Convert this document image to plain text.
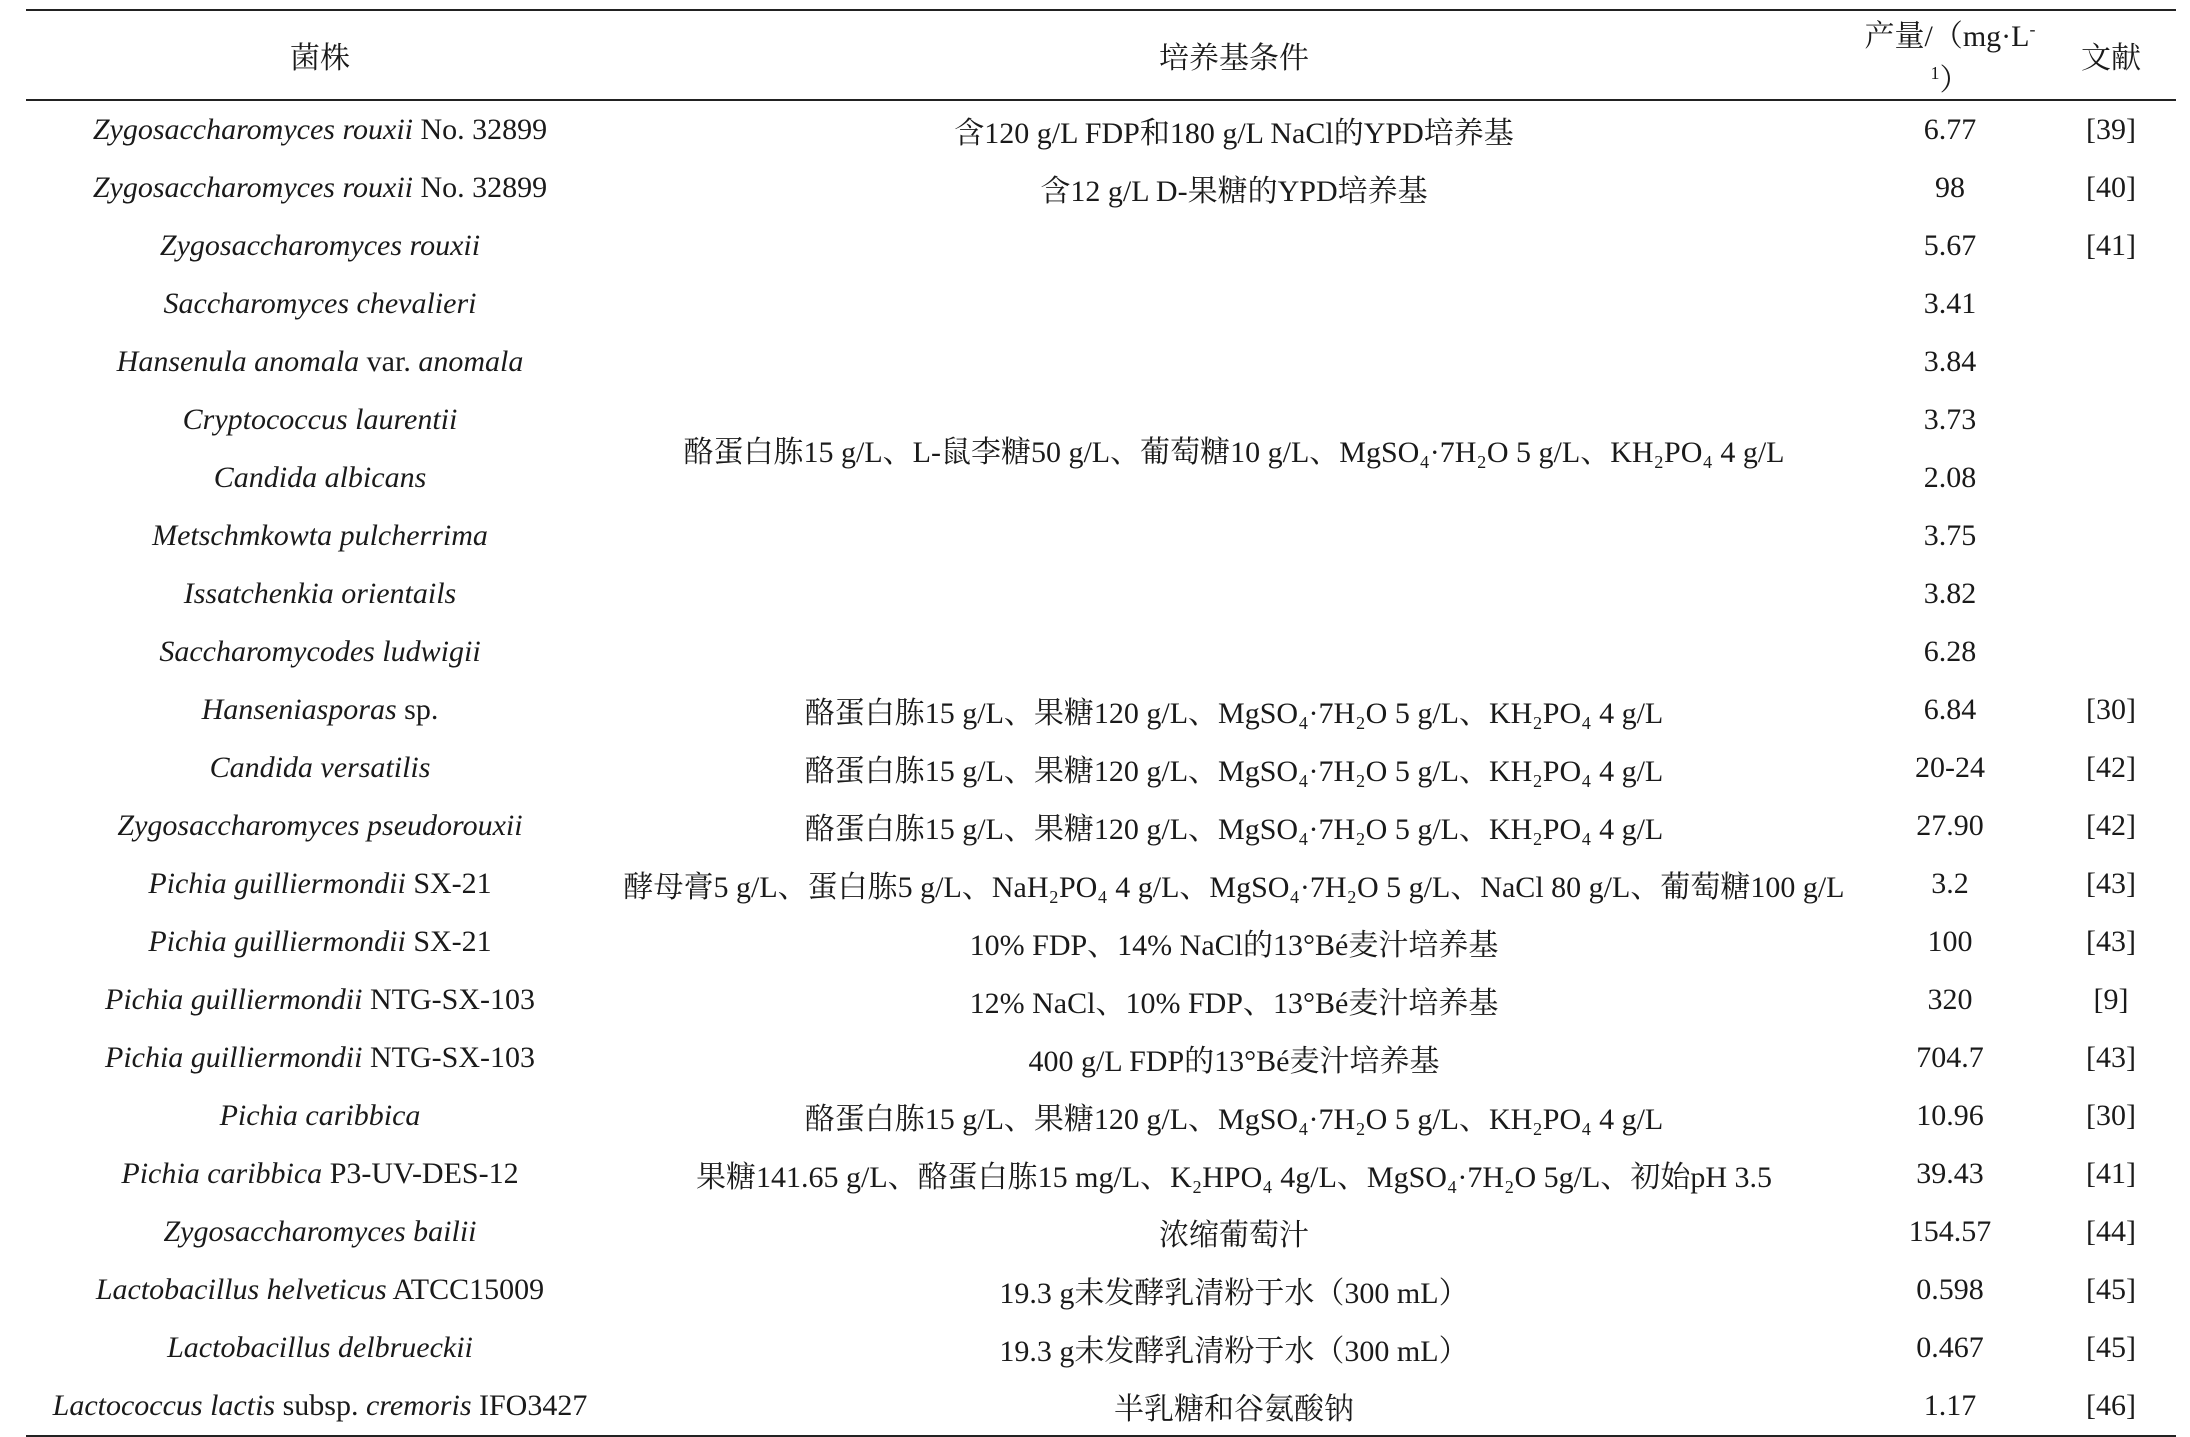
菌株	培养基条件	产量$/(mg\cdot L^{-1})$	文献
Zygosaccharomyces rouxii No. 32899	含120 g/L FDP和180 g/L NaCl的YPD培养基	6.77	[39]
Zygosaccharomyces rouxii No. 32899	含12 g/L D-果糖的YPD培养基	98	[40]
Zygosaccharomyces rouxii	酪蛋白胨15 g/L、L-鼠李糖50 g/L、葡萄糖10 g/L、MgSO₄·7H₂O 5 g/L、KH₂PO₄ 4 g/L	5.67	[41]
Saccharomyces chevalieri		3.41	
Hansenula anomala var. anomala		3.84	
Cryptococcus laurentii		3.73	
Candida albicans		2.08	
Metschmkowta pulcherrima		3.75	
Issatchenkia orientails		3.82	
Saccharomycodes ludwigii		6.28	
Hanseniasporas sp.	酪蛋白胨15 g/L、果糖120 g/L、MgSO₄·7H₂O 5 g/L、KH₂PO₄ 4 g/L	6.84	[30]
Candida versatilis	酪蛋白胨15 g/L、果糖120 g/L、MgSO₄·7H₂O 5 g/L、KH₂PO₄ 4 g/L	20-24	[42]
Zygosaccharomyces pseudorouxii	酪蛋白胨15 g/L、果糖120 g/L、MgSO₄·7H₂O 5 g/L、KH₂PO₄ 4 g/L	27.90	[42]
Pichia guilliermondii SX-21	酵母膏5 g/L、蛋白胨5 g/L、NaH₂PO₄ 4 g/L、MgSO₄·7H₂O 5 g/L、NaCl 80 g/L、葡萄糖100 g/L	3.2	[43]
Pichia guilliermondii SX-21	10% FDP、14% NaCl的13°Bé麦汁培养基	100	[43]
Pichia guilliermondii NTG-SX-103	12% NaCl、10% FDP、13°Bé麦汁培养基	320	[9]
Pichia guilliermondii NTG-SX-103	400 g/L FDP的13°Bé麦汁培养基	704.7	[43]
Pichia caribbica	酪蛋白胨15 g/L、果糖120 g/L、MgSO₄·7H₂O 5 g/L、KH₂PO₄ 4 g/L	10.96	[30]
Pichia caribbica P3-UV-DES-12	果糖141.65 g/L、酪蛋白胨15 mg/L、K₂HPO₄ 4g/L、MgSO₄·7H₂O 5g/L、初始pH 3.5	39.43	[41]
Zygosaccharomyces bailii	浓缩葡萄汁	154.57	[44]
Lactobacillus helveticus ATCC15009	19.3 g未发酵乳清粉于水（300 mL）	0.598	[45]
Lactobacillus delbrueckii	19.3 g未发酵乳清粉于水（300 mL）	0.467	[45]
Lactococcus lactis subsp. cremoris IFO3427	半乳糖和谷氨酸钠	1.17	[46]
